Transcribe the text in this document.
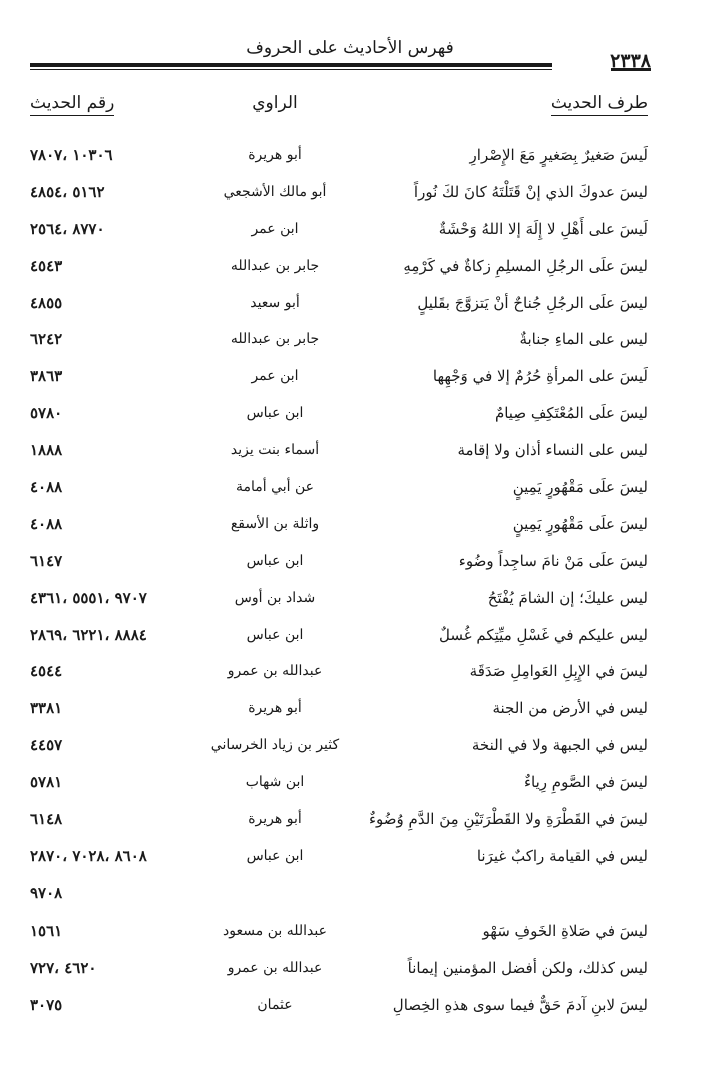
فهرس الأحاديث على الحروف
٢٣٣٨
طرف الحديث
الراوي
رقم الحديث
لَيسَ صَغيرٌ بِصَغيرٍ مَعَ الإِصْرارِ
أبو هريرة
١٠٣٠٦ ،٧٨٠٧
ليسَ عدوكَ الذي إنْ قَتَلْتَهُ كانَ لكَ نُوراً
أبو مالك الأشجعي
٥١٦٢ ،٤٨٥٤
لَيسَ على أَهْلِ لا إِلَهَ إلا اللهُ وَحْشَةٌ
ابن عمر
٨٧٧٠ ،٢٥٦٤
ليسَ علَى الرجُلِ المسلِمِ زكاةٌ في كَرْمِهِ
جابر بن عبدالله
٤٥٤٣
ليسَ علَى الرجُلِ جُناحٌ أنْ يَتزوَّجَ بقَليلٍ
أبو سعيد
٤٨٥٥
ليس على الماءِ جنابةٌ
جابر بن عبدالله
٦٢٤٢
لَيسَ على المرأةِ حُرُمٌ إلا في وَجْهِها
ابن عمر
٣٨٦٣
ليسَ علَى المُعْتَكِفِ صِيامٌ
ابن عباس
٥٧٨٠
ليس على النساء أذان ولا إقامة
أسماء بنت يزيد
١٨٨٨
ليسَ علَى مَقْهُورٍ يَمِينٍ
عن أبي أمامة
٤٠٨٨
ليسَ علَى مَقْهُورٍ يَمِينٍ
واثلة بن الأسقع
٤٠٨٨
ليسَ علَى مَنْ نامَ ساجِداً وضُوء
ابن عباس
٦١٤٧
ليس عليكَ؛ إن الشامَ يُفْتَحُ
شداد بن أوس
٩٧٠٧ ،٥٥٥١ ،٤٣٦١
ليس عليكم في غَسْلِ ميِّتِكم غُسلٌ
ابن عباس
٨٨٨٤ ،٦٢٢١ ،٢٨٦٩
ليسَ في الإِبِلِ العَوامِلِ صَدَقَة
عبدالله بن عمرو
٤٥٤٤
ليس في الأرض من الجنة
أبو هريرة
٣٣٨١
ليس في الجبهة ولا في النخة
كثير بن زياد الخرساني
٤٤٥٧
ليسَ في الصَّومِ رِياءٌ
ابن شهاب
٥٧٨١
ليسَ في القَطْرَةِ ولا القَطْرَتَيْنِ مِنَ الدَّمِ وُضُوءٌ
أبو هريرة
٦١٤٨
ليس في القيامة راكبٌ غيرَنا
ابن عباس
٨٦٠٨ ،٧٠٢٨ ،٢٨٧٠
٩٧٠٨
ليسَ في صَلاةِ الخَوفِ سَهْو
عبدالله بن مسعود
١٥٦١
ليس كذلك، ولكن أفضل المؤمنين إيماناً
عبدالله بن عمرو
٤٦٢٠ ،٧٢٧
ليسَ لابنِ آدمَ حَقٌّ فيما سوى هذهِ الخِصالِ
عثمان
٣٠٧٥
